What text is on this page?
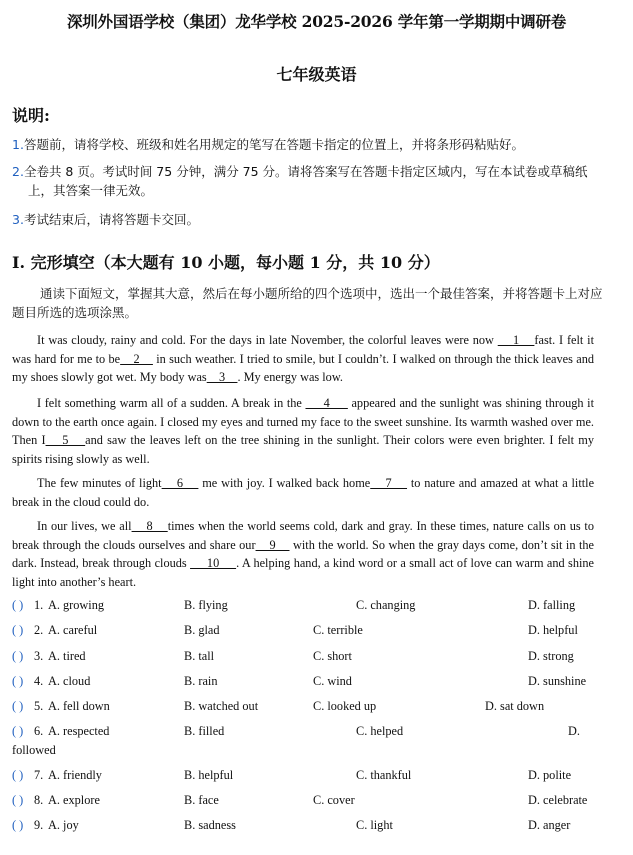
深圳外国语学校（集团）龙华学校 2025-2026 学年第一学期期中调研卷
七年级英语
说明:
1.答题前，请将学校、班级和姓名用规定的笔写在答题卡指定的位置上，并将条形码粘贴好。
2.全卷共 8 页。考试时间 75 分钟，满分 75 分。请将答案写在答题卡指定区域内，写在本试卷或草稿纸上，其答案一律无效。
3.考试结束后，请将答题卡交回。
I. 完形填空（本大题有 10 小题，每小题 1 分，共 10 分）
通读下面短文，掌握其大意，然后在每小题所给的四个选项中，选出一个最佳答案，并将答题卡上对应题目所选的选项涂黑。
It was cloudy, rainy and cold. For the days in late November, the colorful leaves were now     1    fast. I felt it was hard for me to be    2     in such weather. I tried to smile, but I couldn’t. I walked on through the thick leaves and my shoes slowly got wet. My body was    3    . My energy was low.
I felt something warm all of a sudden. A break in the      4      appeared and the sunlight was shining through it down to the earth once again. I closed my eyes and turned my face to the sweet sunshine. Its warmth washed over me. Then I    5    and saw the leaves left on the tree shining in the sunlight. Their colors were even brighter. I felt my spirits rising slowly as well.
The few minutes of light    6     me with joy. I walked back home    7     to nature and amazed at what a little break in the cloud could do.
In our lives, we all    8    times when the world seems cold, dark and gray. In these times, nature calls on us to break through the clouds ourselves and share our    9     with the world. So when the gray days come, don’t sit in the dark. Instead, break through clouds      10     . A helping hand, a kind word or a small act of love can warm and shine light into another’s heart.
( ) 1. A. growing	B. flying	C. changing	D. falling
( ) 2. A. careful	B. glad	C. terrible	D. helpful
( ) 3. A. tired	B. tall	C. short	D. strong
( ) 4. A. cloud	B. rain	C. wind	D. sunshine
( ) 5. A. fell down	B. watched out	C. looked up	D. sat down
( ) 6. A. respected	B. filled	C. helped	D.
followed
( ) 7. A. friendly	B. helpful	C. thankful	D. polite
( ) 8. A. explore	B. face	C. cover	D. celebrate
( ) 9. A. joy	B. sadness	C. light	D. anger
